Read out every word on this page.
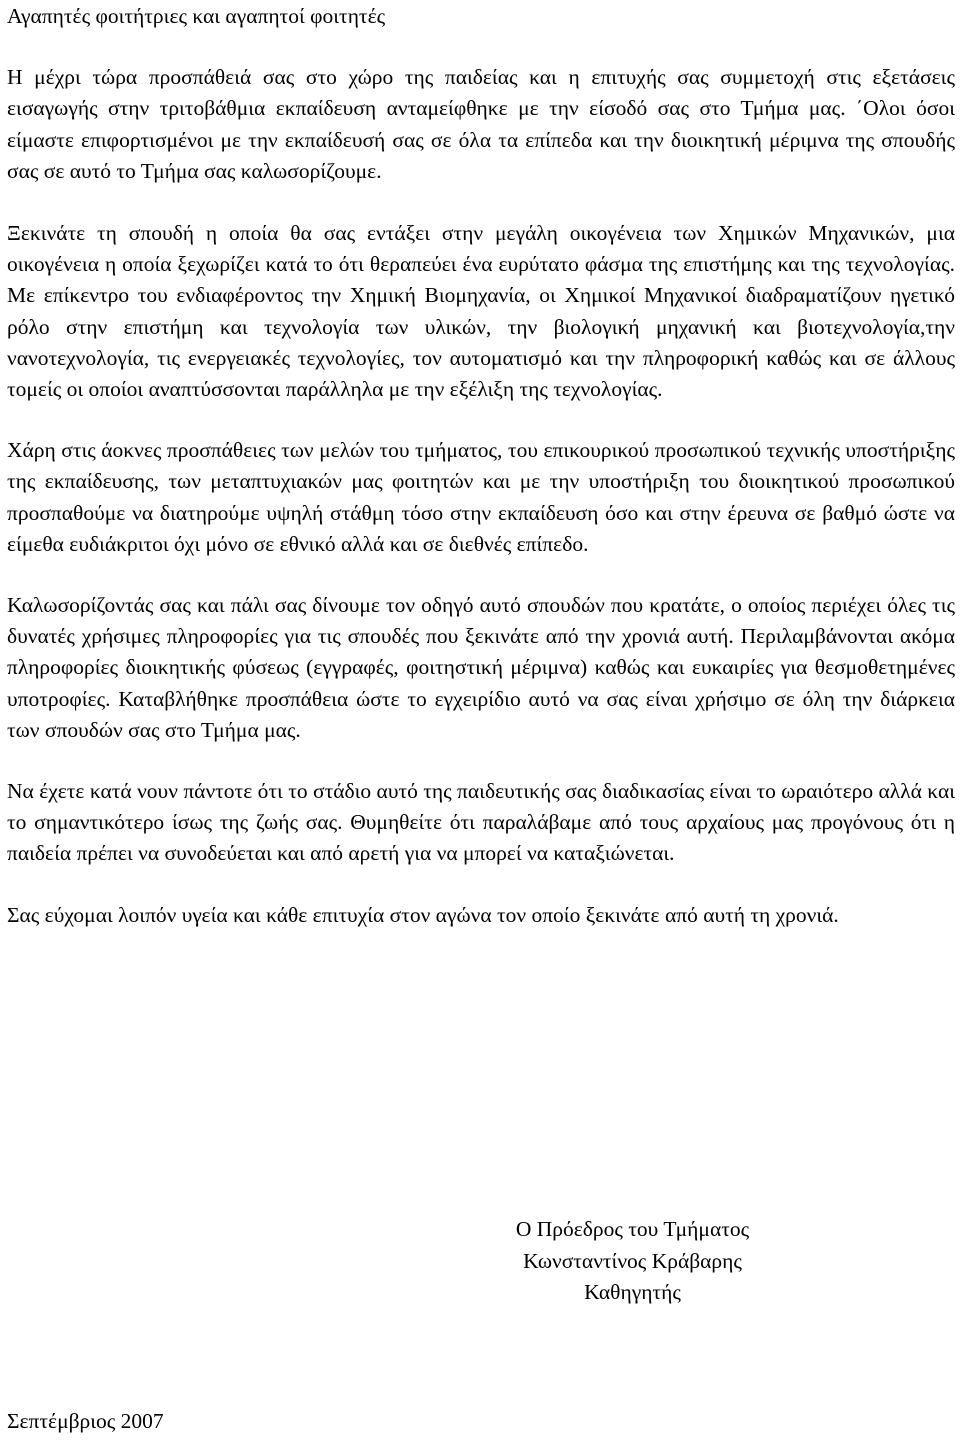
Αγαπητές φοιτήτριες και αγαπητοί φοιτητές

Η μέχρι τώρα προσπάθειά σας στο χώρο της παιδείας και η επιτυχής σας συμμετοχή στις εξετάσεις εισαγωγής στην τριτοβάθμια εκπαίδευση ανταμείφθηκε με την είσοδό σας στο Τμήμα μας. ΄Ολοι όσοι είμαστε επιφορτισμένοι με την εκπαίδευσή σας σε όλα τα επίπεδα και την διοικητική μέριμνα της σπουδής σας σε αυτό το Τμήμα σας καλωσορίζουμε.

Ξεκινάτε τη σπουδή η οποία θα σας εντάξει στην μεγάλη οικογένεια των Χημικών Μηχανικών, μια οικογένεια η οποία ξεχωρίζει κατά το ότι θεραπεύει ένα ευρύτατο φάσμα της επιστήμης και της τεχνολογίας. Με επίκεντρο του ενδιαφέροντος την Χημική Βιομηχανία, οι Χημικοί Μηχανικοί διαδραματίζουν ηγετικό ρόλο στην επιστήμη και τεχνολογία των υλικών, την βιολογική μηχανική και βιοτεχνολογία,την νανοτεχνολογία, τις ενεργειακές τεχνολογίες, τον αυτοματισμό και την πληροφορική καθώς και σε άλλους τομείς οι οποίοι αναπτύσσονται παράλληλα με την εξέλιξη της τεχνολογίας.

Χάρη στις άοκνες προσπάθειες των μελών του τμήματος, του επικουρικού προσωπικού τεχνικής υποστήριξης της εκπαίδευσης, των μεταπτυχιακών μας φοιτητών και με την υποστήριξη του διοικητικού προσωπικού προσπαθούμε να διατηρούμε υψηλή στάθμη τόσο στην εκπαίδευση όσο και στην έρευνα σε βαθμό ώστε να είμεθα ευδιάκριτοι όχι μόνο σε εθνικό αλλά και σε διεθνές επίπεδο.

Καλωσορίζοντάς σας και πάλι σας δίνουμε τον οδηγό αυτό σπουδών που κρατάτε, ο οποίος περιέχει όλες τις δυνατές χρήσιμες πληροφορίες για τις σπουδές που ξεκινάτε από την χρονιά αυτή. Περιλαμβάνονται ακόμα πληροφορίες διοικητικής φύσεως (εγγραφές, φοιτηστική μέριμνα) καθώς και ευκαιρίες για θεσμοθετημένες υποτροφίες. Καταβλήθηκε προσπάθεια ώστε το εγχειρίδιο αυτό να σας είναι χρήσιμο σε όλη την διάρκεια των σπουδών σας στο Τμήμα μας.

Να έχετε κατά νουν πάντοτε ότι το στάδιο αυτό της παιδευτικής σας διαδικασίας είναι το ωραιότερο αλλά και το σημαντικότερο ίσως της ζωής σας. Θυμηθείτε ότι παραλάβαμε από τους αρχαίους μας προγόνους ότι η παιδεία πρέπει να συνοδεύεται και από αρετή για να μπορεί να καταξιώνεται.

Σας εύχομαι λοιπόν υγεία και κάθε επιτυχία στον αγώνα τον οποίο ξεκινάτε από αυτή τη χρονιά.

Ο Πρόεδρος του Τμήματος
Κωνσταντίνος Κράβαρης
Καθηγητής
Σεπτέμβριος 2007
